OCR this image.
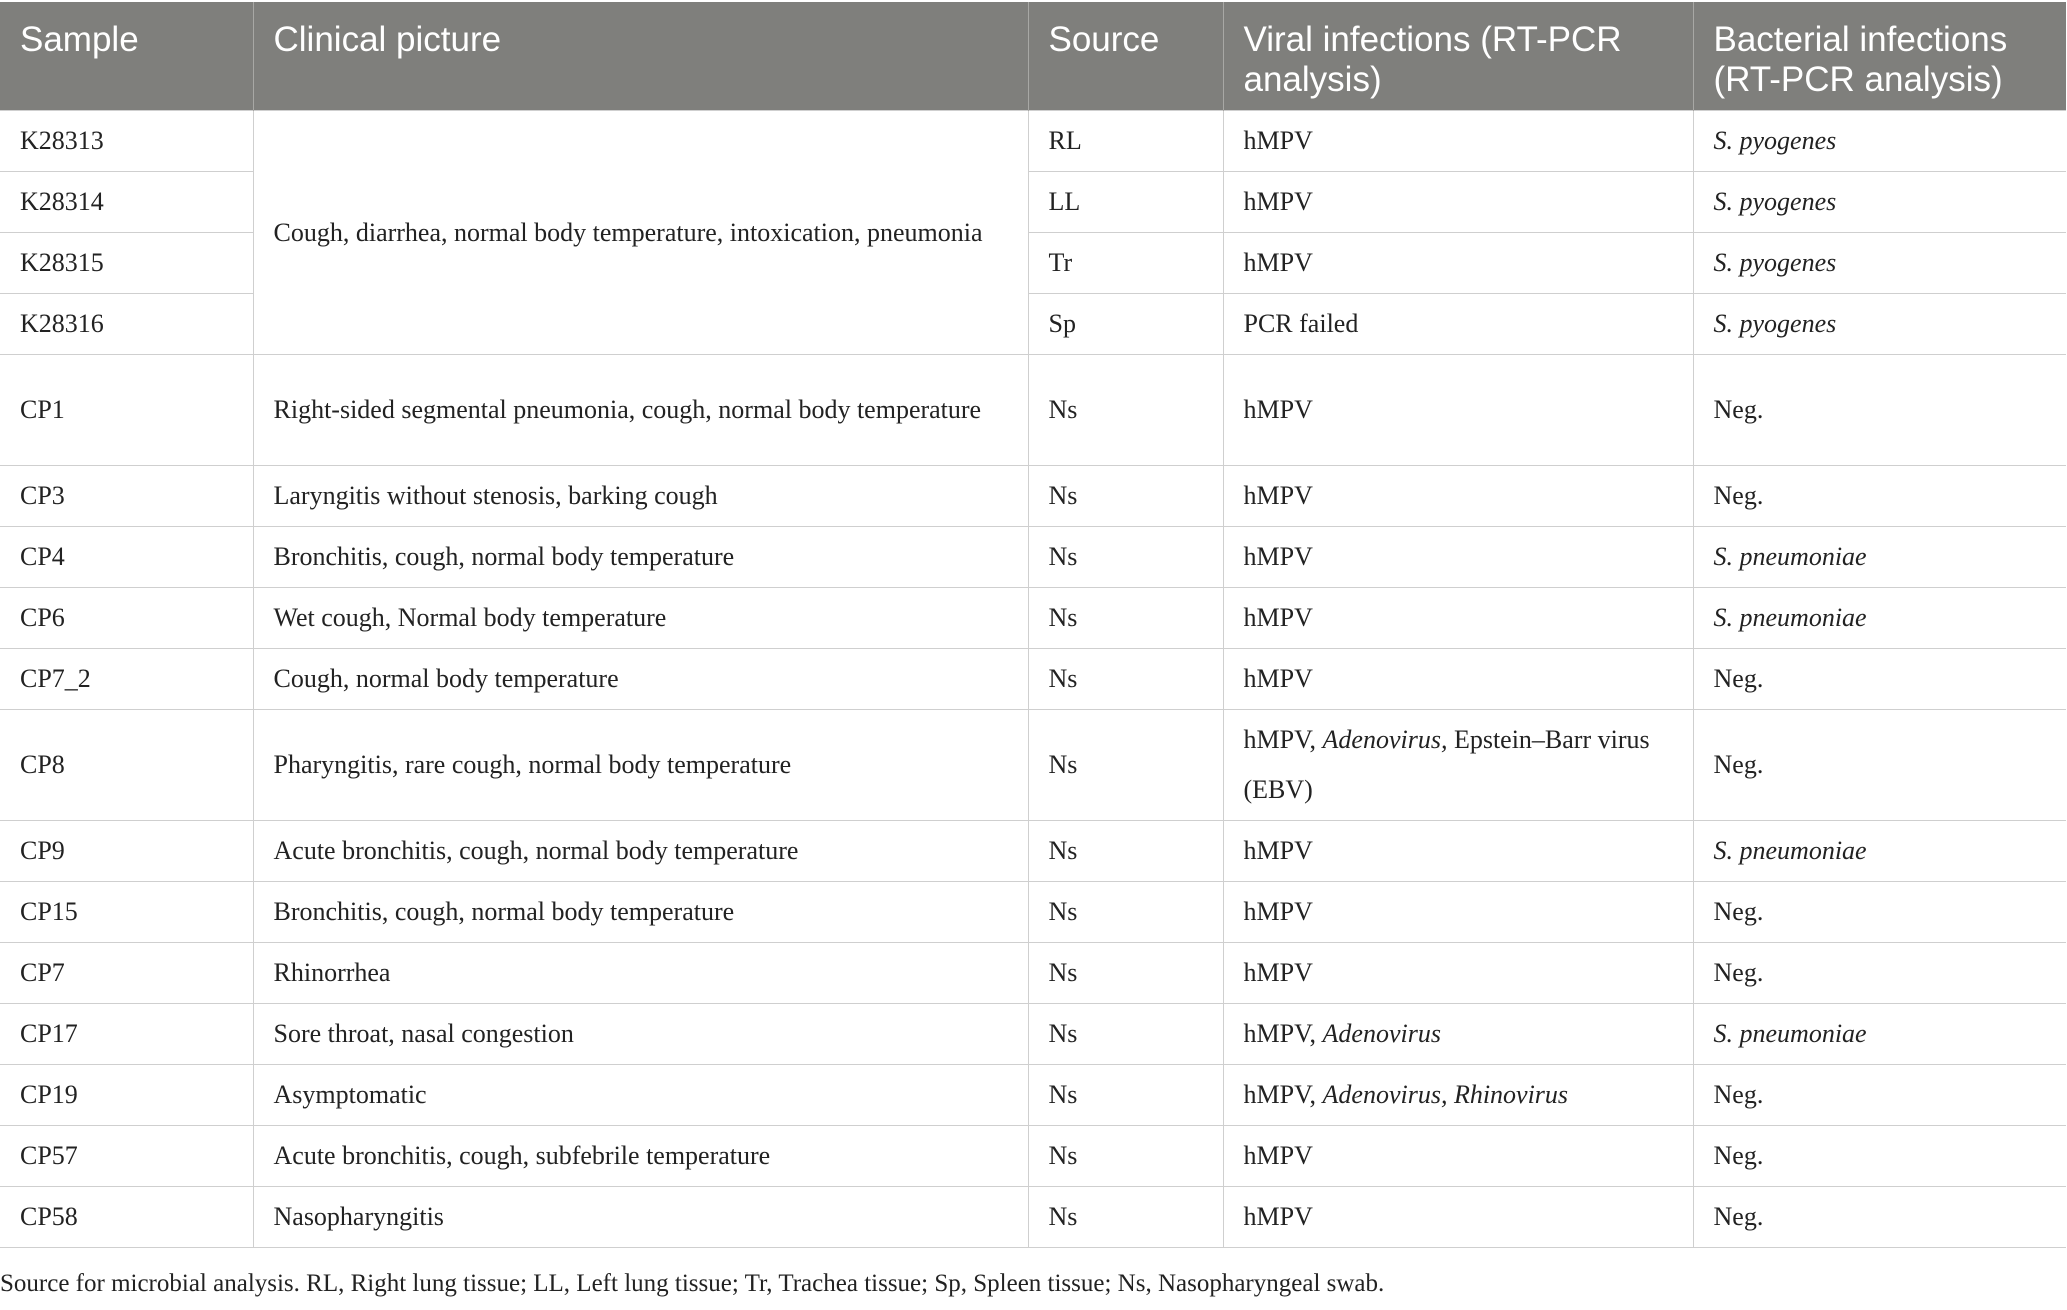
Sample	Clinical picture	Source	Viral infections (RT-PCR analysis)	Bacterial infections (RT-PCR analysis)
K28313	Cough, diarrhea, normal body temperature, intoxication, pneumonia	RL	hMPV	S. pyogenes
K28314		LL	hMPV	S. pyogenes
K28315		Tr	hMPV	S. pyogenes
K28316		Sp	PCR failed	S. pyogenes
CP1	Right-sided segmental pneumonia, cough, normal body temperature	Ns	hMPV	Neg.
CP3	Laryngitis without stenosis, barking cough	Ns	hMPV	Neg.
CP4	Bronchitis, cough, normal body temperature	Ns	hMPV	S. pneumoniae
CP6	Wet cough, Normal body temperature	Ns	hMPV	S. pneumoniae
CP7_2	Cough, normal body temperature	Ns	hMPV	Neg.
CP8	Pharyngitis, rare cough, normal body temperature	Ns	hMPV, Adenovirus, Epstein–Barr virus (EBV)	Neg.
CP9	Acute bronchitis, cough, normal body temperature	Ns	hMPV	S. pneumoniae
CP15	Bronchitis, cough, normal body temperature	Ns	hMPV	Neg.
CP7	Rhinorrhea	Ns	hMPV	Neg.
CP17	Sore throat, nasal congestion	Ns	hMPV, Adenovirus	S. pneumoniae
CP19	Asymptomatic	Ns	hMPV, Adenovirus, Rhinovirus	Neg.
CP57	Acute bronchitis, cough, subfebrile temperature	Ns	hMPV	Neg.
CP58	Nasopharyngitis	Ns	hMPV	Neg.
Source for microbial analysis. RL, Right lung tissue; LL, Left lung tissue; Tr, Trachea tissue; Sp, Spleen tissue; Ns, Nasopharyngeal swab.
